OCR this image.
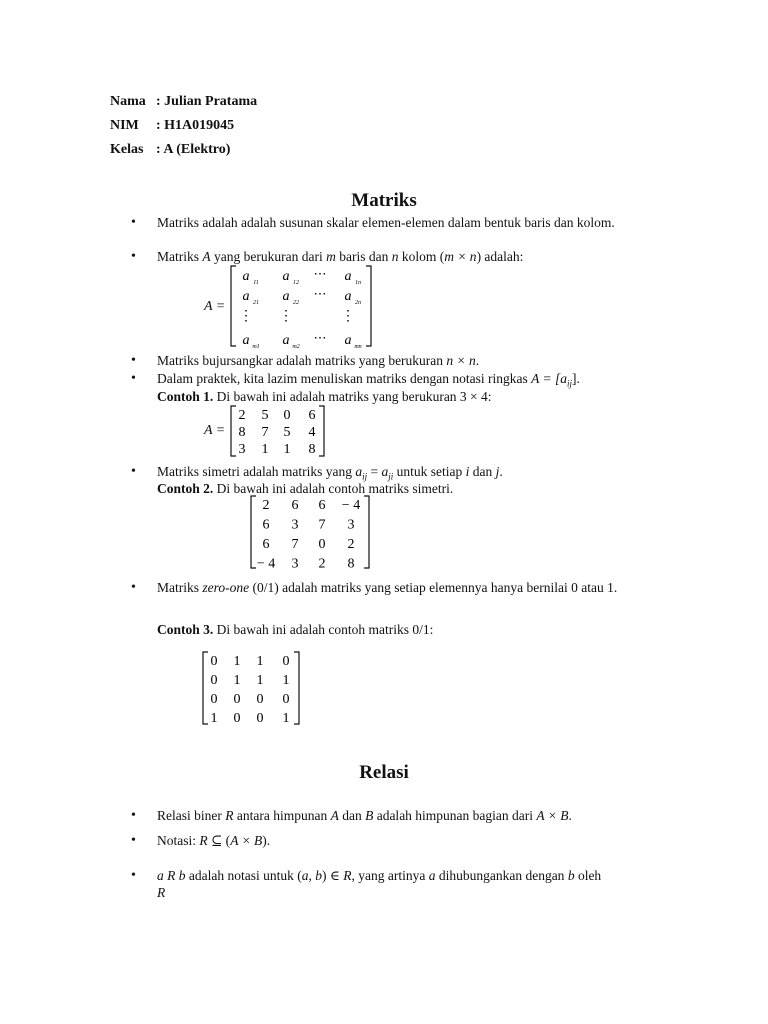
Nama : Julian Pratama
NIM : H1A019045
Kelas : A (Elektro)
Matriks
• Matriks adalah adalah susunan skalar elemen-elemen dalam bentuk baris dan kolom.
• Matriks A yang berukuran dari m baris dan n kolom (m × n) adalah:
A =
a 11 a 12
⋯ a 1n
a 21 a 22
⋯ a 2n
⋮ ⋮	⋮
a m1 a m2
⋯ a mn
• Matriks bujursangkar adalah matriks yang berukuran n × n.
• Dalam praktek, kita lazim menuliskan matriks dengan notasi ringkas $A = [a_{ij}]$.
Contoh 1. Di bawah ini adalah matriks yang berukuran 3 × 4:
A =
2 5 0 6
8 7 5 4
3 1 1 8
• Matriks simetri adalah matriks yang $a_{ij} = a_{ji}$ untuk setiap i dan j.
Contoh 2. Di bawah ini adalah contoh matriks simetri.
2 6 6 − 4
6 3 7 3
6 7 0 2
− 4 3 2 8
• Matriks zero-one (0/1) adalah matriks yang setiap elemennya hanya bernilai 0 atau 1.
Contoh 3. Di bawah ini adalah contoh matriks 0/1:
0 1 1 0
0 1 1 1
0 0 0 0
1 0 0 1
Relasi
• Relasi biner R antara himpunan A dan B adalah himpunan bagian dari A × B.
• Notasi: R ⊆ (A × B).
• a R b adalah notasi untuk (a, b) ∈ R, yang artinya a dihubungankan dengan b oleh
R
